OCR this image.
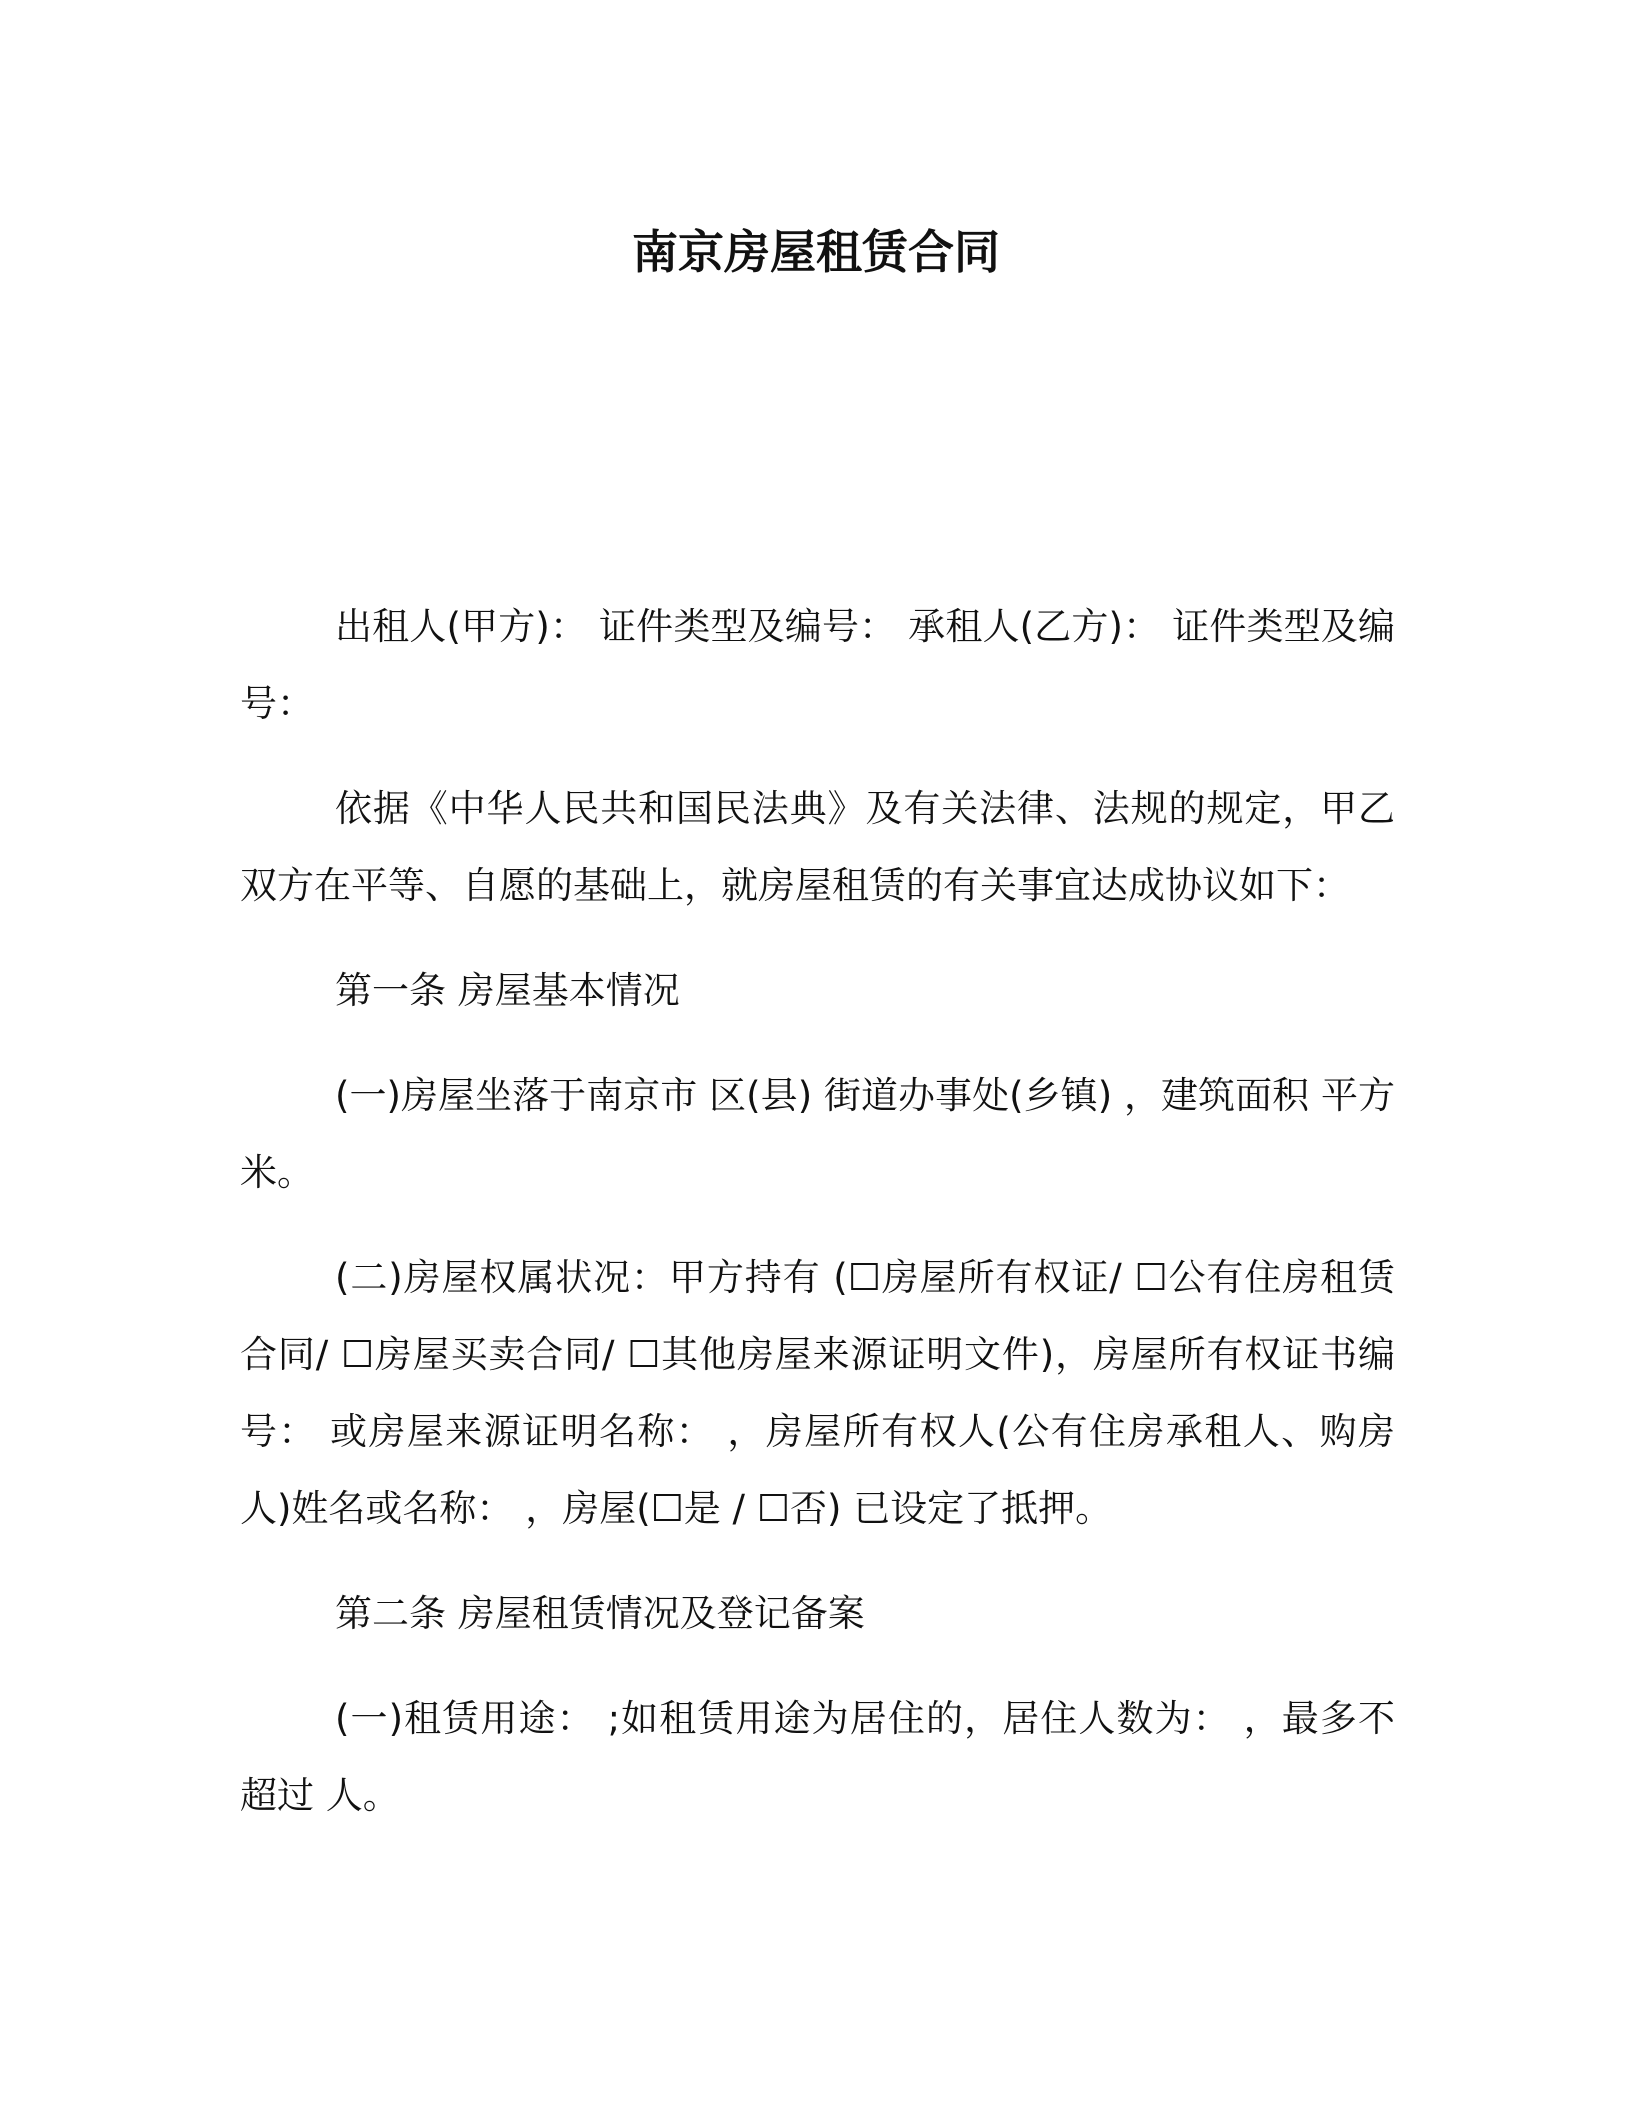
南京房屋租赁合同

出租人(甲方)： 证件类型及编号： 承租人(乙方)： 证件类型及编号：

依据《中华人民共和国民法典》及有关法律、法规的规定，甲乙双方在平等、自愿的基础上，就房屋租赁的有关事宜达成协议如下：

第一条 房屋基本情况

(一)房屋坐落于南京市 区(县) 街道办事处(乡镇) ，建筑面积 平方米。

(二)房屋权属状况：甲方持有 (☐房屋所有权证/ ☐公有住房租赁合同/ ☐房屋买卖合同/ ☐其他房屋来源证明文件)，房屋所有权证书编号： 或房屋来源证明名称： ，房屋所有权人(公有住房承租人、购房人)姓名或名称： ，房屋(☐是 / ☐否) 已设定了抵押。

第二条 房屋租赁情况及登记备案

(一)租赁用途： ;如租赁用途为居住的，居住人数为： ，最多不超过 人。
